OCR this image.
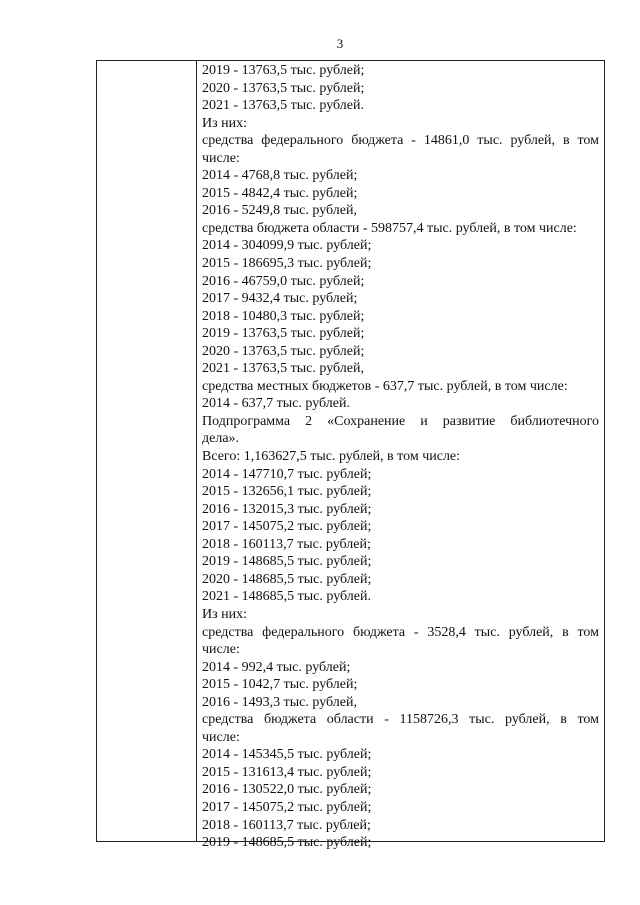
3
2019 - 13763,5 тыс. рублей;
2020 - 13763,5 тыс. рублей;
2021 - 13763,5 тыс. рублей.
Из них:
средства федерального бюджета - 14861,0 тыс. рублей, в том
числе:
2014 - 4768,8 тыс. рублей;
2015 - 4842,4 тыс. рублей;
2016 - 5249,8 тыс. рублей,
средства бюджета области - 598757,4 тыс. рублей, в том числе:
2014 - 304099,9 тыс. рублей;
2015 - 186695,3 тыс. рублей;
2016 - 46759,0 тыс. рублей;
2017 - 9432,4 тыс. рублей;
2018 - 10480,3 тыс. рублей;
2019 - 13763,5 тыс. рублей;
2020 - 13763,5 тыс. рублей;
2021 - 13763,5 тыс. рублей,
средства местных бюджетов - 637,7 тыс. рублей, в том числе:
2014 - 637,7 тыс. рублей.
Подпрограмма 2 «Сохранение и развитие библиотечного
дела».
Всего: 1,163627,5 тыс. рублей, в том числе:
2014 - 147710,7 тыс. рублей;
2015 - 132656,1 тыс. рублей;
2016 - 132015,3 тыс. рублей;
2017 - 145075,2 тыс. рублей;
2018 - 160113,7 тыс. рублей;
2019 - 148685,5 тыс. рублей;
2020 - 148685,5 тыс. рублей;
2021 - 148685,5 тыс. рублей.
Из них:
средства федерального бюджета - 3528,4 тыс. рублей, в том
числе:
2014 - 992,4 тыс. рублей;
2015 - 1042,7 тыс. рублей;
2016 - 1493,3 тыс. рублей,
средства бюджета области - 1158726,3 тыс. рублей, в том
числе:
2014 - 145345,5 тыс. рублей;
2015 - 131613,4 тыс. рублей;
2016 - 130522,0 тыс. рублей;
2017 - 145075,2 тыс. рублей;
2018 - 160113,7 тыс. рублей;
2019 - 148685,5 тыс. рублей;
